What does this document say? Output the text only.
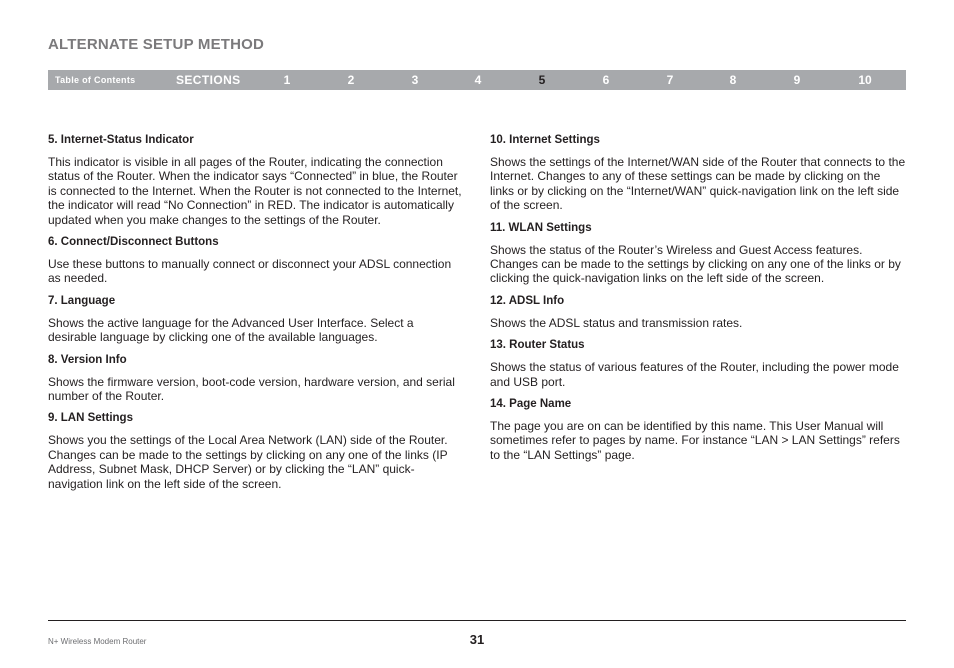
ALTERNATE SETUP METHOD
Table of Contents	SECTIONS	1	2	3	4	5	6	7	8	9	10
5. Internet-Status Indicator

This indicator is visible in all pages of the Router, indicating the connection status of the Router. When the indicator says “Connected” in blue, the Router is connected to the Internet. When the Router is not connected to the Internet, the indicator will read “No Connection” in RED. The indicator is automatically updated when you make changes to the settings of the Router.

6. Connect/Disconnect Buttons

Use these buttons to manually connect or disconnect your ADSL connection as needed.

7. Language

Shows the active language for the Advanced User Interface. Select a desirable language by clicking one of the available languages.

8. Version Info

Shows the firmware version, boot-code version, hardware version, and serial number of the Router.

9. LAN Settings

Shows you the settings of the Local Area Network (LAN) side of the Router. Changes can be made to the settings by clicking on any one of the links (IP Address, Subnet Mask, DHCP Server) or by clicking the “LAN” quick-navigation link on the left side of the screen.

10. Internet Settings

Shows the settings of the Internet/WAN side of the Router that connects to the Internet. Changes to any of these settings can be made by clicking on the links or by clicking on the “Internet/WAN” quick-navigation link on the left side of the screen.

11. WLAN Settings

Shows the status of the Router’s Wireless and Guest Access features. Changes can be made to the settings by clicking on any one of the links or by clicking the quick-navigation links on the left side of the screen.

12. ADSL Info

Shows the ADSL status and transmission rates.

13. Router Status

Shows the status of various features of the Router, including the power mode and USB port.

14. Page Name

The page you are on can be identified by this name. This User Manual will sometimes refer to pages by name. For instance “LAN > LAN Settings” refers to the “LAN Settings” page.

N+ Wireless Modem Router	31
